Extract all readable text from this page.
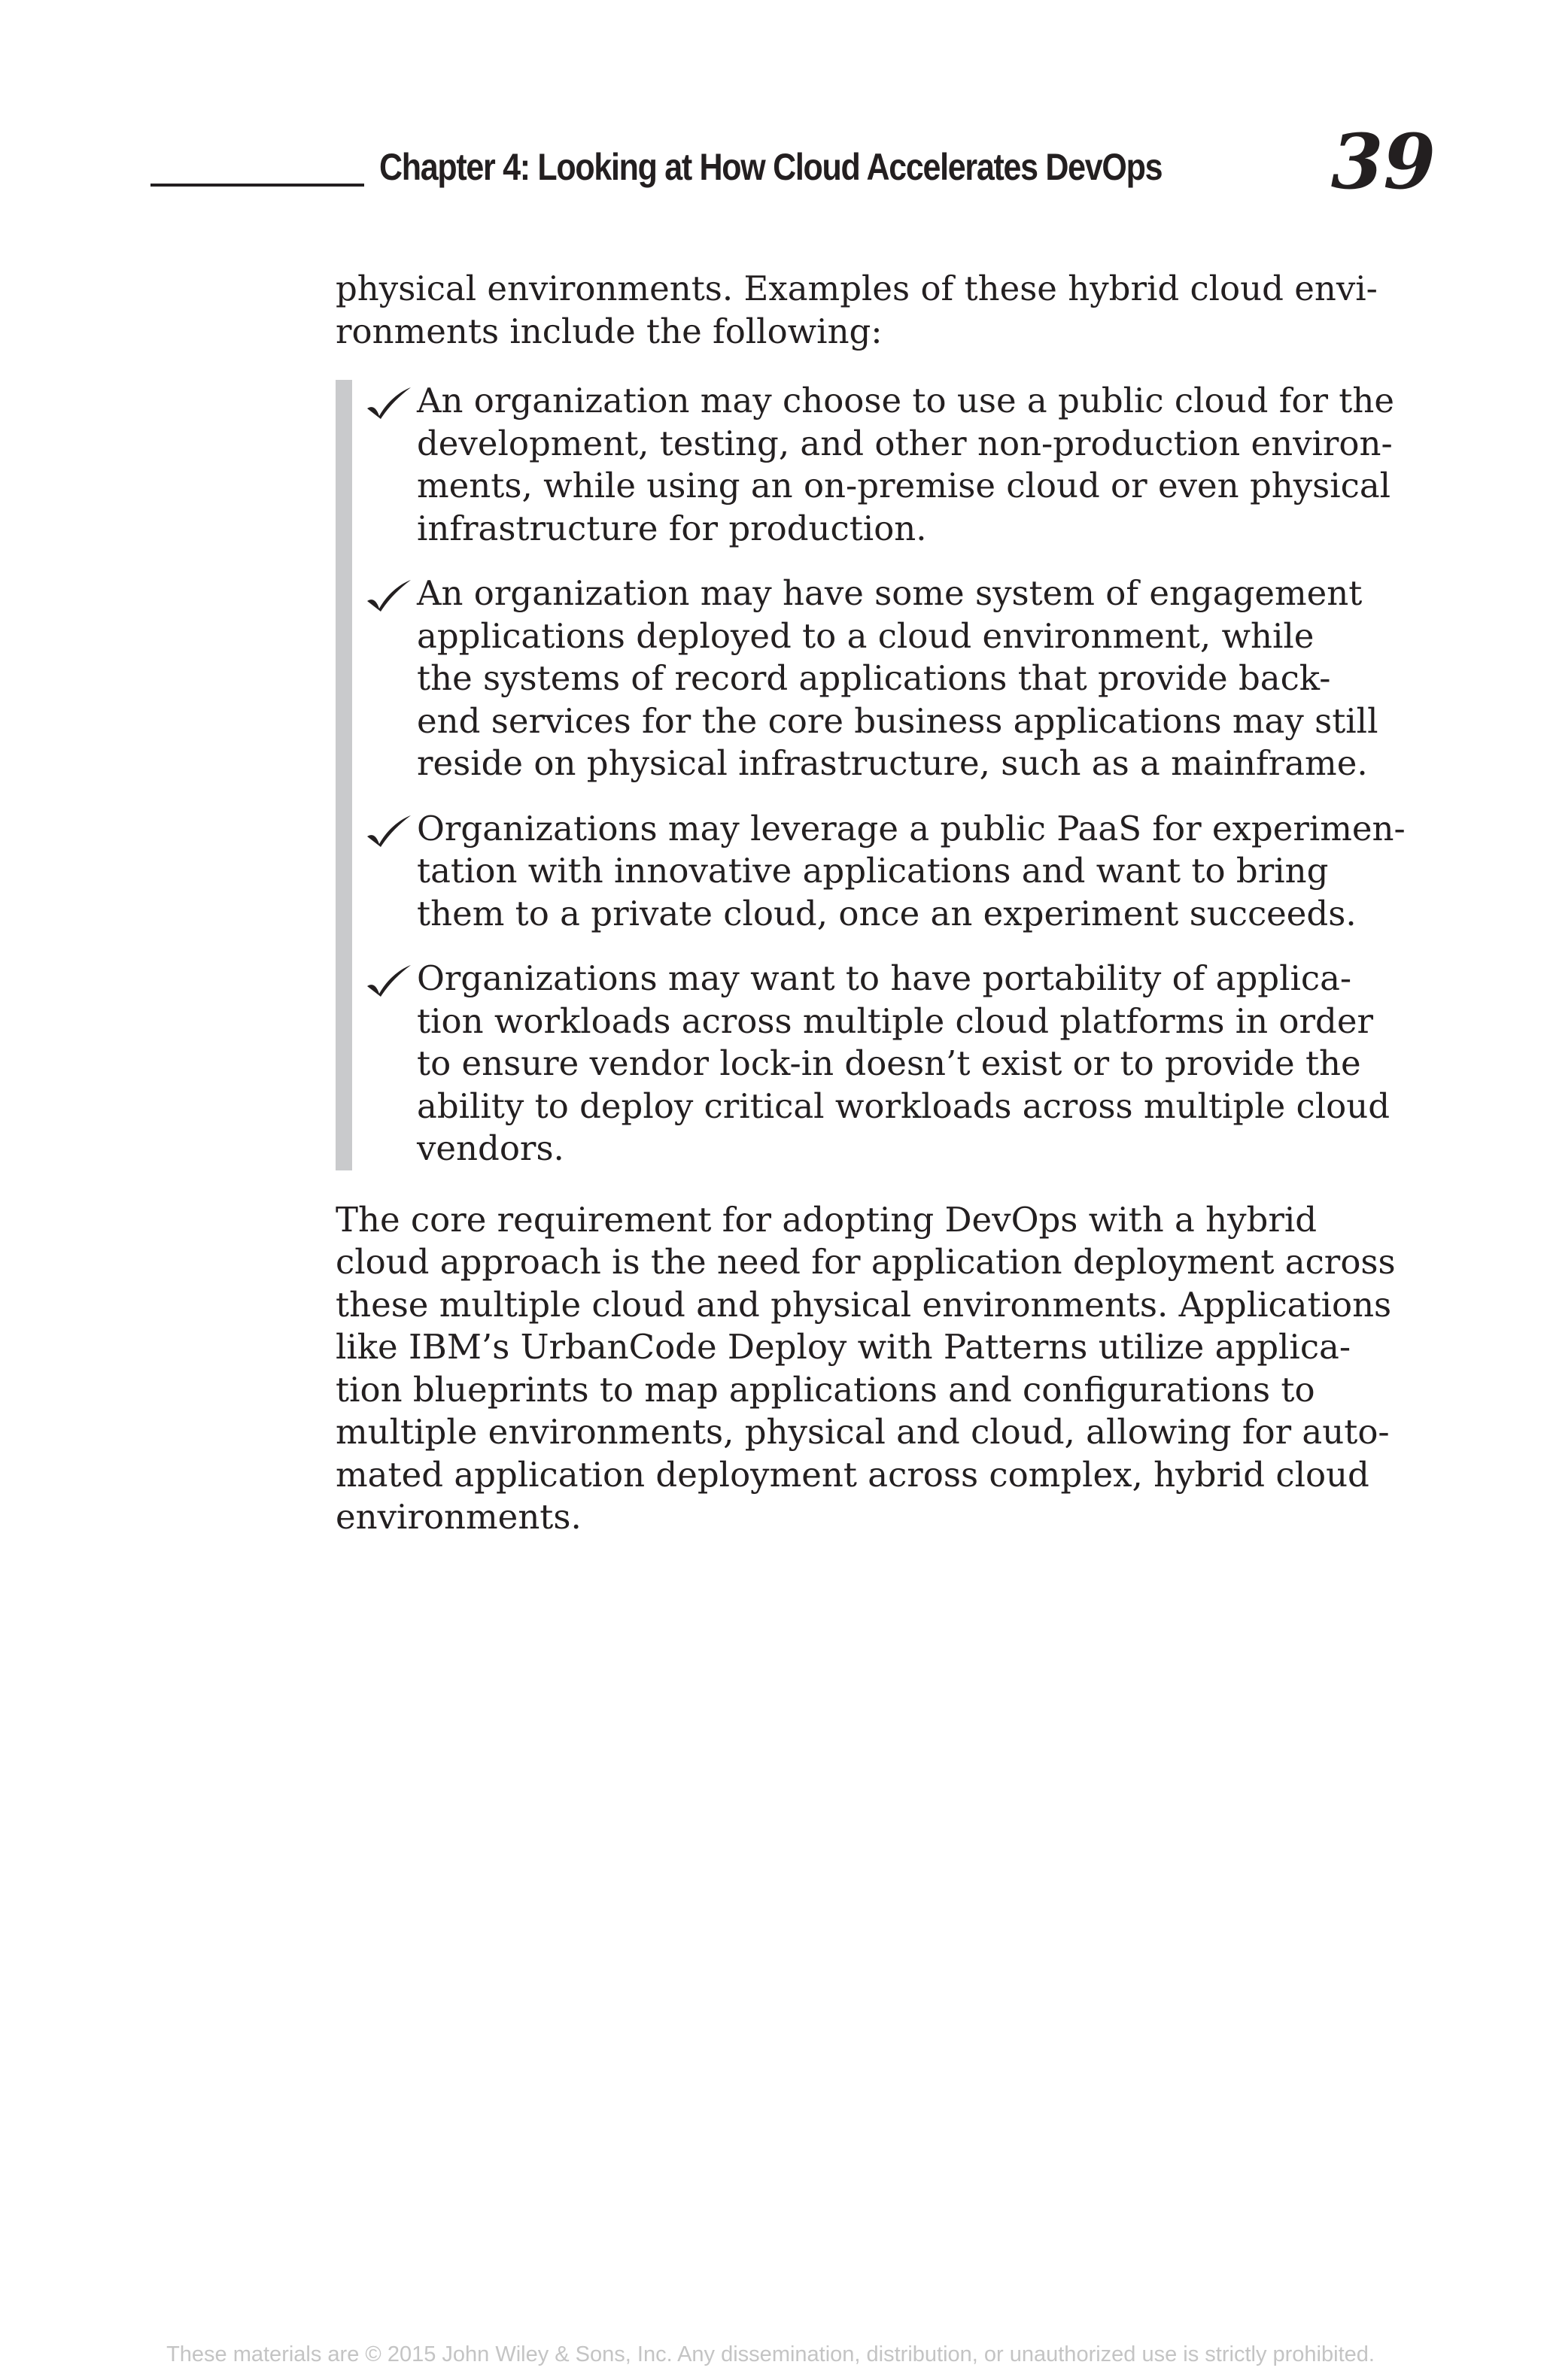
Chapter 4: Looking at How Cloud Accelerates DevOps 39

physical environments. Examples of these hybrid cloud envi-
ronments include the following:

An organization may choose to use a public cloud for the
development, testing, and other non-production environ-
ments, while using an on-premise cloud or even physical
infrastructure for production.
An organization may have some system of engagement
applications deployed to a cloud environment, while
the systems of record applications that provide back-
end services for the core business applications may still
reside on physical infrastructure, such as a mainframe.
Organizations may leverage a public PaaS for experimen-
tation with innovative applications and want to bring
them to a private cloud, once an experiment succeeds.
Organizations may want to have portability of applica-
tion workloads across multiple cloud platforms in order
to ensure vendor lock-in doesn’t exist or to provide the
ability to deploy critical workloads across multiple cloud
vendors.

The core requirement for adopting DevOps with a hybrid
cloud approach is the need for application deployment across
these multiple cloud and physical environments. Applications
like IBM’s UrbanCode Deploy with Patterns utilize applica-
tion blueprints to map applications and configurations to
multiple environments, physical and cloud, allowing for auto-
mated application deployment across complex, hybrid cloud
environments.

These materials are © 2015 John Wiley & Sons, Inc. Any dissemination, distribution, or unauthorized use is strictly prohibited.
